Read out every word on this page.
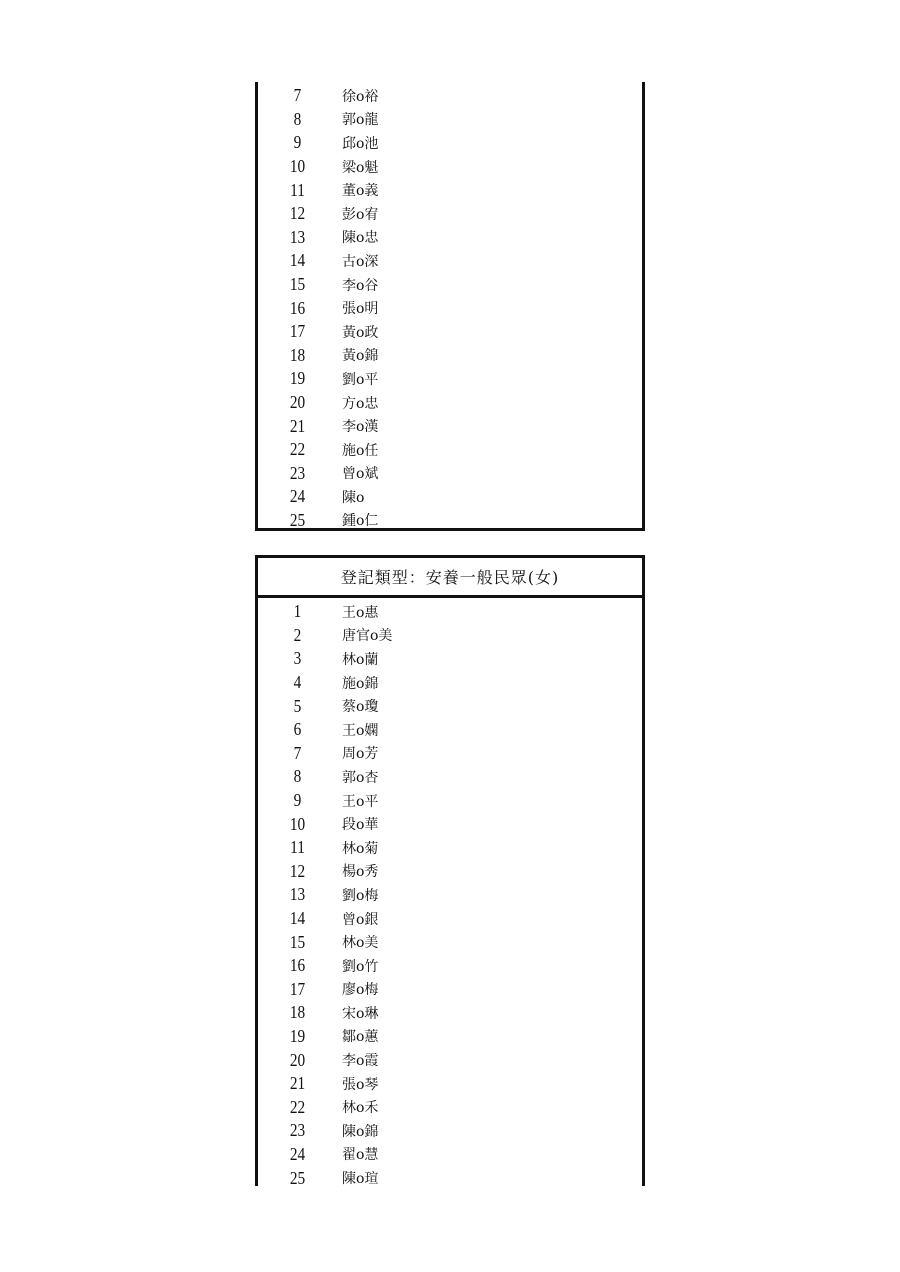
7	徐o裕
8	郭o龍
9	邱o池
10	梁o魁
11	董o義
12	彭o宥
13	陳o忠
14	古o深
15	李o谷
16	張o明
17	黃o政
18	黃o錦
19	劉o平
20	方o忠
21	李o漢
22	施o任
23	曾o斌
24	陳o
25	鍾o仁
登記類型：安養一般民眾(女)
1	王o惠
2	唐官o美
3	林o蘭
4	施o錦
5	蔡o瓊
6	王o嫻
7	周o芳
8	郭o杏
9	王o平
10	段o華
11	林o菊
12	楊o秀
13	劉o梅
14	曾o銀
15	林o美
16	劉o竹
17	廖o梅
18	宋o琳
19	鄒o蕙
20	李o霞
21	張o琴
22	林o禾
23	陳o錦
24	翟o慧
25	陳o瑄
